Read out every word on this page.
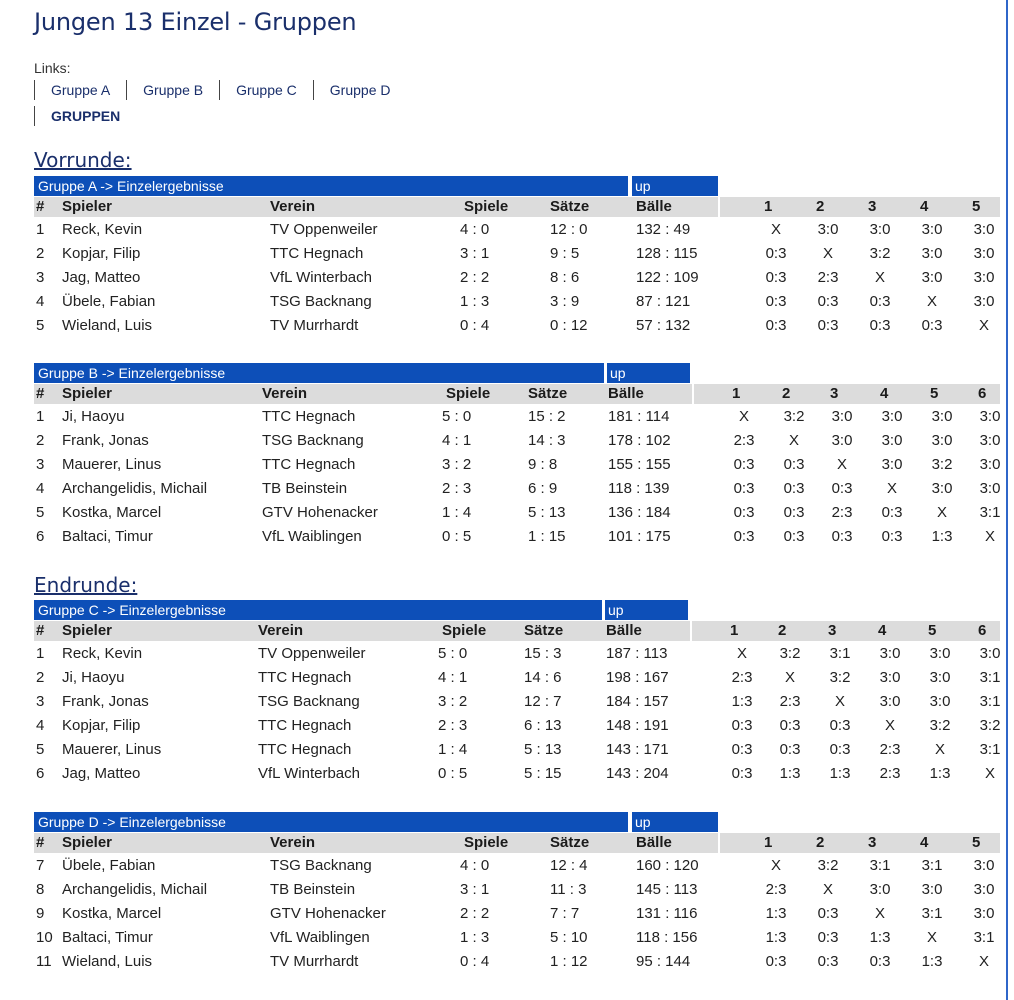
Jungen 13 Einzel - Gruppen
Links:
Gruppe A	Gruppe B	Gruppe C	Gruppe D
GRUPPEN
Vorrunde:
Endrunde:
Gruppe A -> Einzelergebnisse	up
# Spieler	Verein	Spiele	Sätze	Bälle	1	2	3	4	5
1 Reck, Kevin	TV Oppenweiler	4 : 0	12 : 0	132 : 49	X	3:0	3:0	3:0	3:0
2 Kopjar, Filip	TTC Hegnach	3 : 1	9 : 5	128 : 115	0:3	X	3:2	3:0	3:0
3 Jag, Matteo	VfL Winterbach	2 : 2	8 : 6	122 : 109	0:3	2:3	X	3:0	3:0
4 Übele, Fabian	TSG Backnang	1 : 3	3 : 9	87 : 121	0:3	0:3	0:3	X	3:0
5 Wieland, Luis	TV Murrhardt	0 : 4	0 : 12	57 : 132	0:3	0:3	0:3	0:3	X
Gruppe B -> Einzelergebnisse	up
# Spieler	Verein	Spiele	Sätze	Bälle	1	2	3	4	5	6
1 Ji, Haoyu	TTC Hegnach	5 : 0	15 : 2	181 : 114	X	3:2	3:0	3:0	3:0	3:0
2 Frank, Jonas	TSG Backnang	4 : 1	14 : 3	178 : 102	2:3	X	3:0	3:0	3:0	3:0
3 Mauerer, Linus	TTC Hegnach	3 : 2	9 : 8	155 : 155	0:3	0:3	X	3:0	3:2	3:0
4 Archangelidis, Michail	TB Beinstein	2 : 3	6 : 9	118 : 139	0:3	0:3	0:3	X	3:0	3:0
5 Kostka, Marcel	GTV Hohenacker	1 : 4	5 : 13	136 : 184	0:3	0:3	2:3	0:3	X	3:1
6 Baltaci, Timur	VfL Waiblingen	0 : 5	1 : 15	101 : 175	0:3	0:3	0:3	0:3	1:3	X
Gruppe C -> Einzelergebnisse	up
# Spieler	Verein	Spiele	Sätze	Bälle	1	2	3	4	5	6
1 Reck, Kevin	TV Oppenweiler	5 : 0	15 : 3	187 : 113	X	3:2	3:1	3:0	3:0	3:0
2 Ji, Haoyu	TTC Hegnach	4 : 1	14 : 6	198 : 167	2:3	X	3:2	3:0	3:0	3:1
3 Frank, Jonas	TSG Backnang	3 : 2	12 : 7	184 : 157	1:3	2:3	X	3:0	3:0	3:1
4 Kopjar, Filip	TTC Hegnach	2 : 3	6 : 13	148 : 191	0:3	0:3	0:3	X	3:2	3:2
5 Mauerer, Linus	TTC Hegnach	1 : 4	5 : 13	143 : 171	0:3	0:3	0:3	2:3	X	3:1
6 Jag, Matteo	VfL Winterbach	0 : 5	5 : 15	143 : 204	0:3	1:3	1:3	2:3	1:3	X
Gruppe D -> Einzelergebnisse	up
# Spieler	Verein	Spiele	Sätze	Bälle	1	2	3	4	5
7 Übele, Fabian	TSG Backnang	4 : 0	12 : 4	160 : 120	X	3:2	3:1	3:1	3:0
8 Archangelidis, Michail	TB Beinstein	3 : 1	11 : 3	145 : 113	2:3	X	3:0	3:0	3:0
9 Kostka, Marcel	GTV Hohenacker	2 : 2	7 : 7	131 : 116	1:3	0:3	X	3:1	3:0
10 Baltaci, Timur	VfL Waiblingen	1 : 3	5 : 10	118 : 156	1:3	0:3	1:3	X	3:1
11 Wieland, Luis	TV Murrhardt	0 : 4	1 : 12	95 : 144	0:3	0:3	0:3	1:3	X
